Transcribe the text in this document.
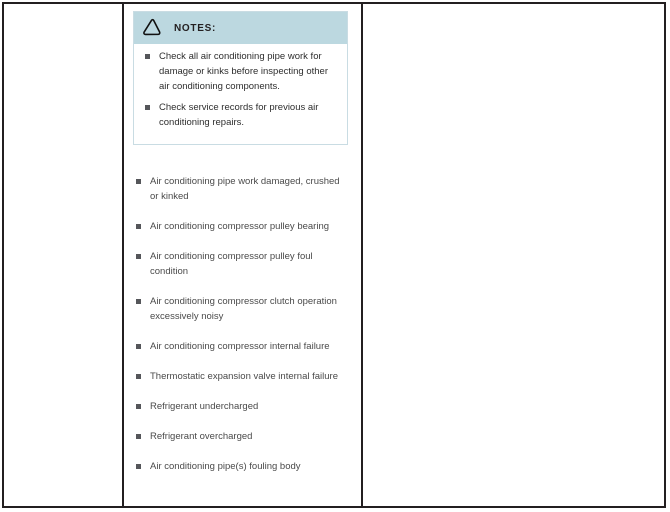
NOTES:
Check all air conditioning pipe work for damage or kinks before inspecting other air conditioning components.
Check service records for previous air conditioning repairs.
Air conditioning pipe work damaged, crushed or kinked
Air conditioning compressor pulley bearing
Air conditioning compressor pulley foul condition
Air conditioning compressor clutch operation excessively noisy
Air conditioning compressor internal failure
Thermostatic expansion valve internal failure
Refrigerant undercharged
Refrigerant overcharged
Air conditioning pipe(s) fouling body
